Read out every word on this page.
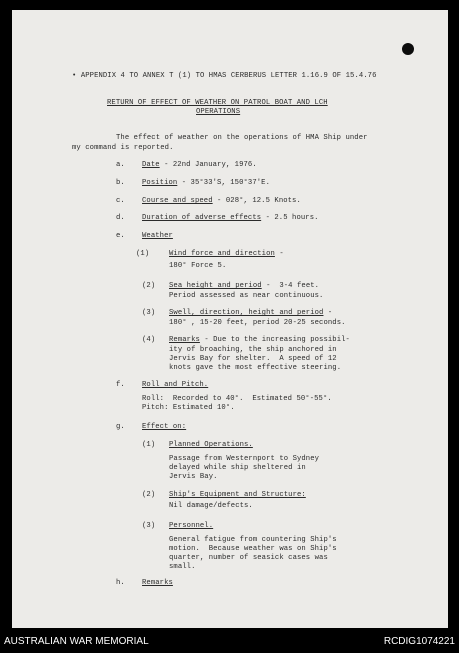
• APPENDIX 4 TO ANNEX T (1) TO HMAS CERBERUS LETTER 1.16.9 OF 15.4.76
RETURN OF EFFECT OF WEATHER ON PATROL BOAT AND LCH
OPERATIONS
The effect of weather on the operations of HMA Ship under
my command is reported.
a. Date - 22nd January, 1976.
b. Position - 35°33'S, 150°37'E.
c. Course and speed - 028°, 12.5 Knots.
d. Duration of adverse effects - 2.5 hours.
e. Weather
(1)	Wind force and direction -
180° Force 5.
(2) Sea height and period -  3-4 feet.
Period assessed as near continuous.
(3) Swell, direction, height and period -
180° , 15-20 feet, period 20-25 seconds.
(4) Remarks - Due to the increasing possibil-
ity of broaching, the ship anchored in
Jervis Bay for shelter.  A speed of 12
knots gave the most effective steering.
f. Roll and Pitch.
Roll:  Recorded to 40°.  Estimated 50°-55°.
Pitch: Estimated 10°.
g. Effect on:
(1) Planned Operations.
Passage from Westernport to Sydney
delayed while ship sheltered in
Jervis Bay.
(2) Ship's Equipment and Structure:
Nil damage/defects.
(3) Personnel.
General fatigue from countering Ship's
motion.  Because weather was on Ship's
quarter, number of seasick cases was
small.
h. Remarks
AUSTRALIAN WAR MEMORIAL	RCDIG1074221
